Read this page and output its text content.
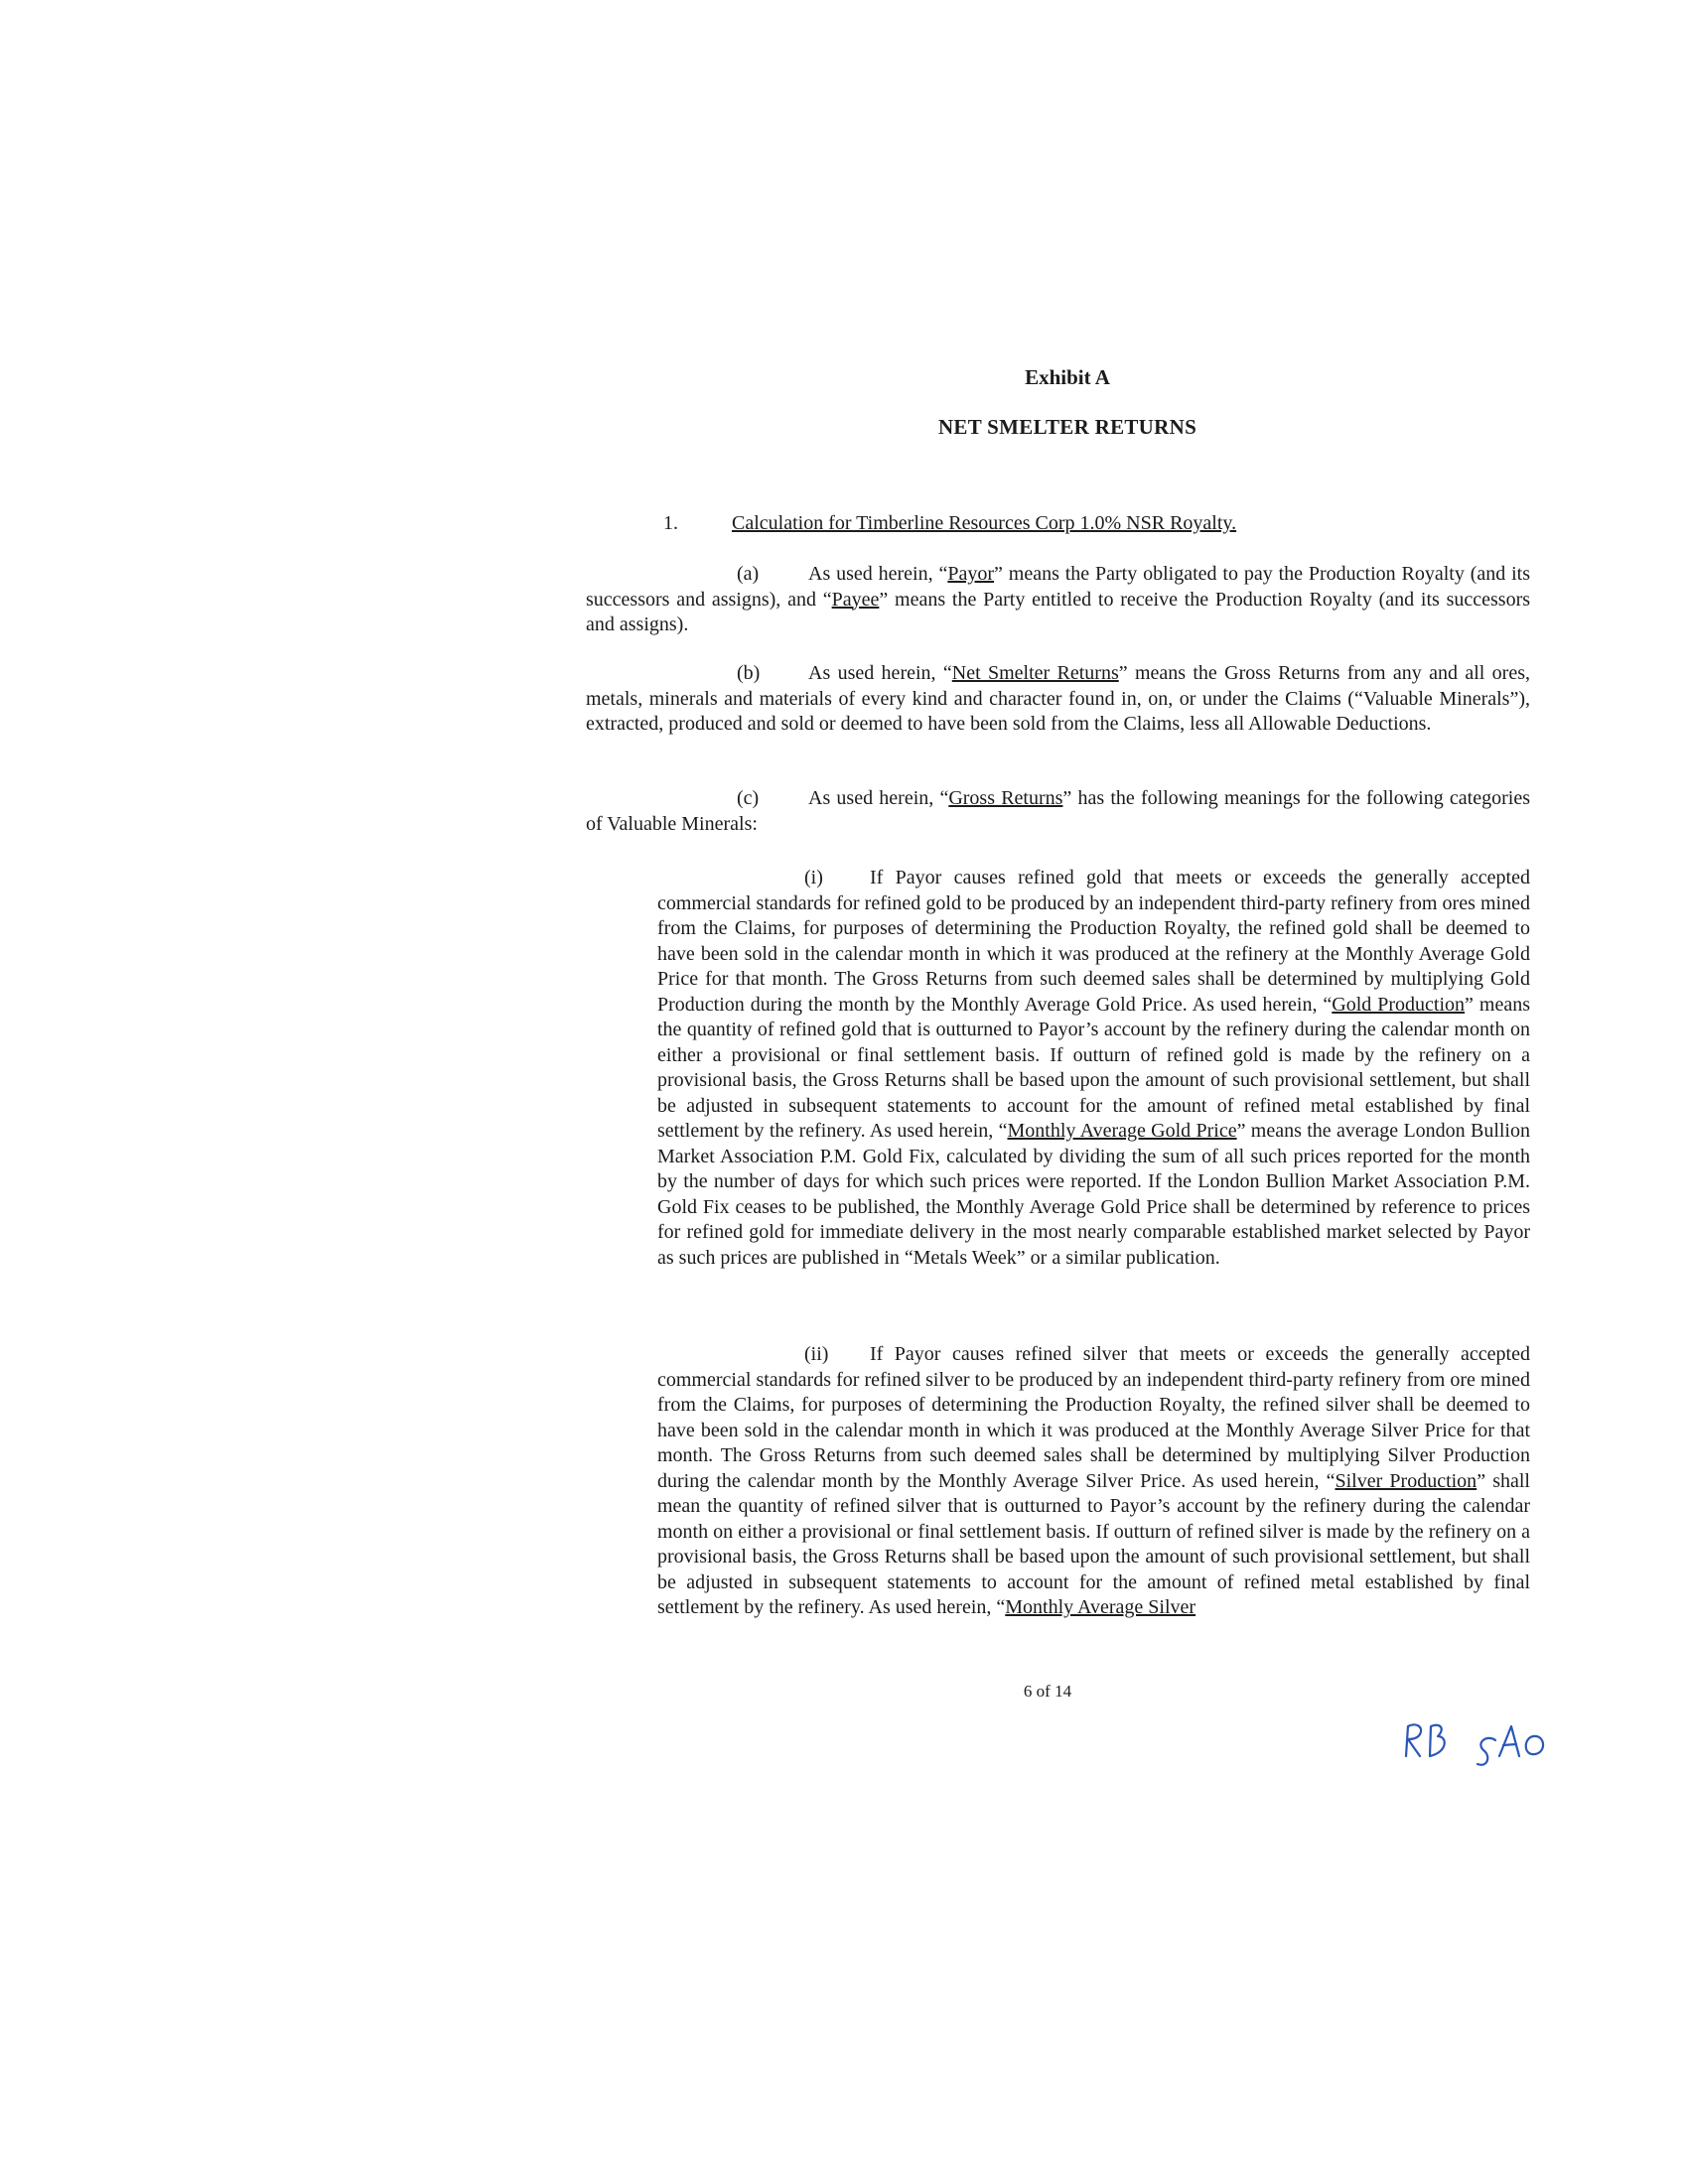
Exhibit A
NET SMELTER RETURNS
1.	Calculation for Timberline Resources Corp 1.0% NSR Royalty.
(a) As used herein, “Payor” means the Party obligated to pay the Production Royalty (and its successors and assigns), and “Payee” means the Party entitled to receive the Production Royalty (and its successors and assigns).
(b) As used herein, “Net Smelter Returns” means the Gross Returns from any and all ores, metals, minerals and materials of every kind and character found in, on, or under the Claims (“Valuable Minerals”), extracted, produced and sold or deemed to have been sold from the Claims, less all Allowable Deductions.
(c) As used herein, “Gross Returns” has the following meanings for the following categories of Valuable Minerals:
(i) If Payor causes refined gold that meets or exceeds the generally accepted commercial standards for refined gold to be produced by an independent third-party refinery from ores mined from the Claims, for purposes of determining the Production Royalty, the refined gold shall be deemed to have been sold in the calendar month in which it was produced at the refinery at the Monthly Average Gold Price for that month. The Gross Returns from such deemed sales shall be determined by multiplying Gold Production during the month by the Monthly Average Gold Price. As used herein, “Gold Production” means the quantity of refined gold that is outturned to Payor’s account by the refinery during the calendar month on either a provisional or final settlement basis. If outturn of refined gold is made by the refinery on a provisional basis, the Gross Returns shall be based upon the amount of such provisional settlement, but shall be adjusted in subsequent statements to account for the amount of refined metal established by final settlement by the refinery. As used herein, “Monthly Average Gold Price” means the average London Bullion Market Association P.M. Gold Fix, calculated by dividing the sum of all such prices reported for the month by the number of days for which such prices were reported. If the London Bullion Market Association P.M. Gold Fix ceases to be published, the Monthly Average Gold Price shall be determined by reference to prices for refined gold for immediate delivery in the most nearly comparable established market selected by Payor as such prices are published in “Metals Week” or a similar publication.
(ii) If Payor causes refined silver that meets or exceeds the generally accepted commercial standards for refined silver to be produced by an independent third-party refinery from ore mined from the Claims, for purposes of determining the Production Royalty, the refined silver shall be deemed to have been sold in the calendar month in which it was produced at the Monthly Average Silver Price for that month. The Gross Returns from such deemed sales shall be determined by multiplying Silver Production during the calendar month by the Monthly Average Silver Price. As used herein, “Silver Production” shall mean the quantity of refined silver that is outturned to Payor’s account by the refinery during the calendar month on either a provisional or final settlement basis. If outturn of refined silver is made by the refinery on a provisional basis, the Gross Returns shall be based upon the amount of such provisional settlement, but shall be adjusted in subsequent statements to account for the amount of refined metal established by final settlement by the refinery. As used herein, “Monthly Average Silver
6 of 14
